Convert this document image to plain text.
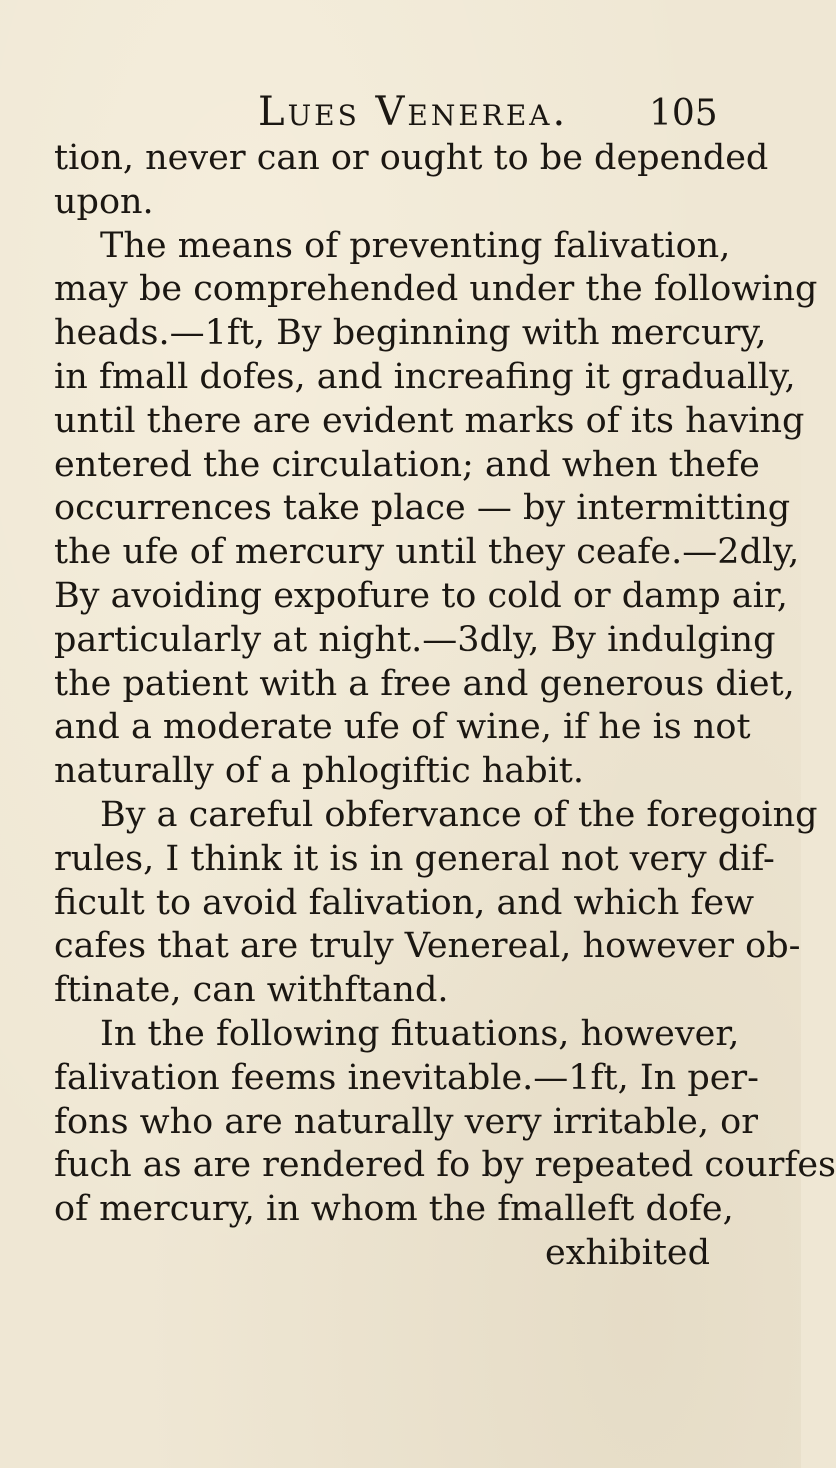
Lues Venerea.	105
tion, never can or ought to be depended
upon.
The means of preventing falivation,
may be comprehended under the following
heads.—1ft, By beginning with mercury,
in fmall dofes, and increafing it gradually,
until there are evident marks of its having
entered the circulation; and when thefe
occurrences take place — by intermitting
the ufe of mercury until they ceafe.—2dly,
By avoiding expofure to cold or damp air,
particularly at night.—3dly, By indulging
the patient with a free and generous diet,
and a moderate ufe of wine, if he is not
naturally of a phlogiftic habit.
By a careful obfervance of the foregoing
rules, I think it is in general not very dif-
ficult to avoid falivation, and which few
cafes that are truly Venereal, however ob-
ftinate, can withftand.
In the following fituations, however,
falivation feems inevitable.—1ft, In per-
fons who are naturally very irritable, or
fuch as are rendered fo by repeated courfes
of mercury, in whom the fmalleft dofe,
exhibited
